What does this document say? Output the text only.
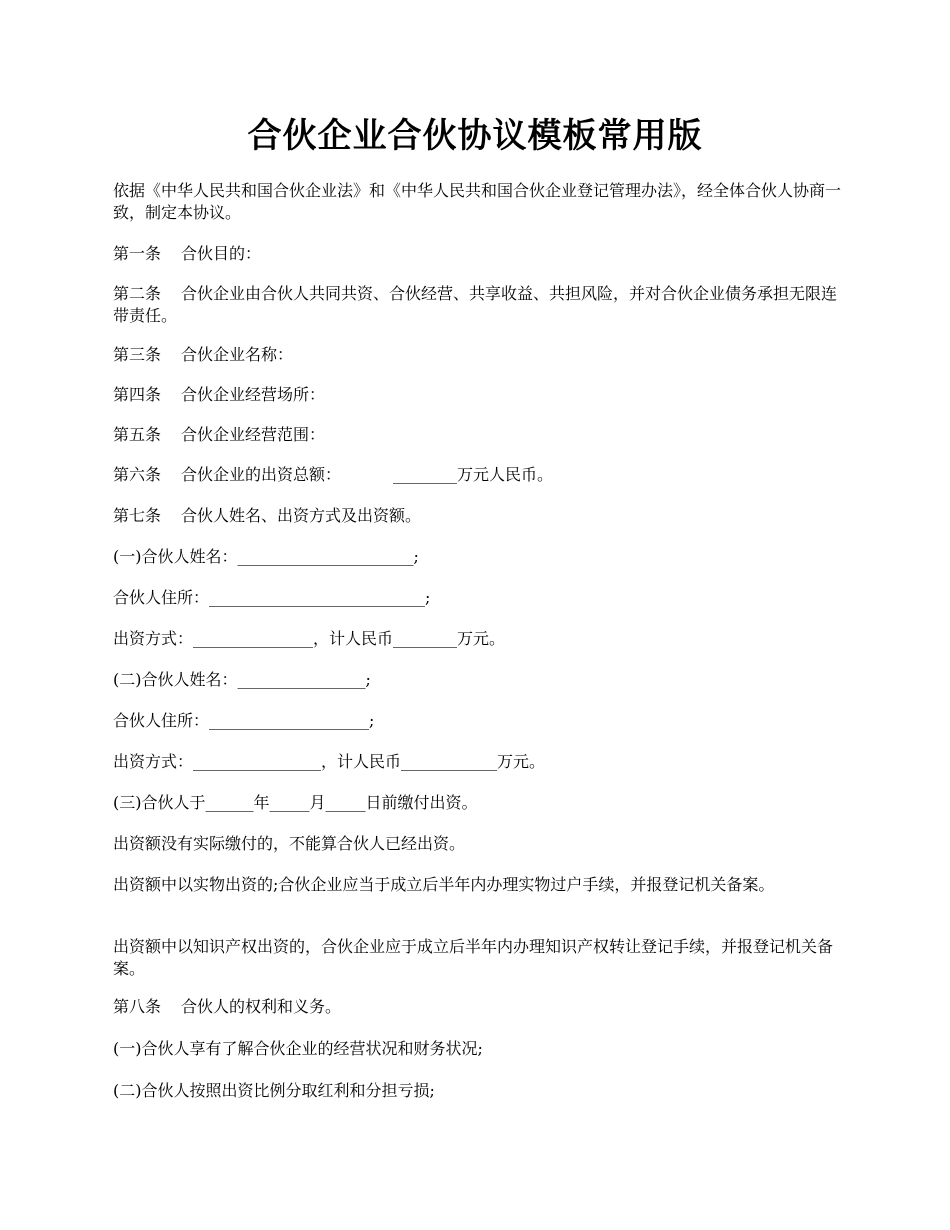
合伙企业合伙协议模板常用版
依据《中华人民共和国合伙企业法》和《中华人民共和国合伙企业登记管理办法》，经全体合伙人协商一致，制定本协议。
第一条 合伙目的：
第二条 合伙企业由合伙人共同共资、合伙经营、共享收益、共担风险，并对合伙企业债务承担无限连带责任。
第三条 合伙企业名称：
第四条 合伙企业经营场所：
第五条 合伙企业经营范围：
第六条 合伙企业的出资总额：	________万元人民币。
第七条 合伙人姓名、出资方式及出资额。
(一)合伙人姓名：______________________;
合伙人住所：___________________________;
出资方式：_______________，计人民币________万元。
(二)合伙人姓名：________________;
合伙人住所：____________________;
出资方式：________________，计人民币____________万元。
(三)合伙人于______年_____月_____日前缴付出资。
出资额没有实际缴付的，不能算合伙人已经出资。
出资额中以实物出资的;合伙企业应当于成立后半年内办理实物过户手续，并报登记机关备案。
出资额中以知识产权出资的，合伙企业应于成立后半年内办理知识产权转让登记手续，并报登记机关备案。
第八条 合伙人的权利和义务。
(一)合伙人享有了解合伙企业的经营状况和财务状况;
(二)合伙人按照出资比例分取红利和分担亏损;
